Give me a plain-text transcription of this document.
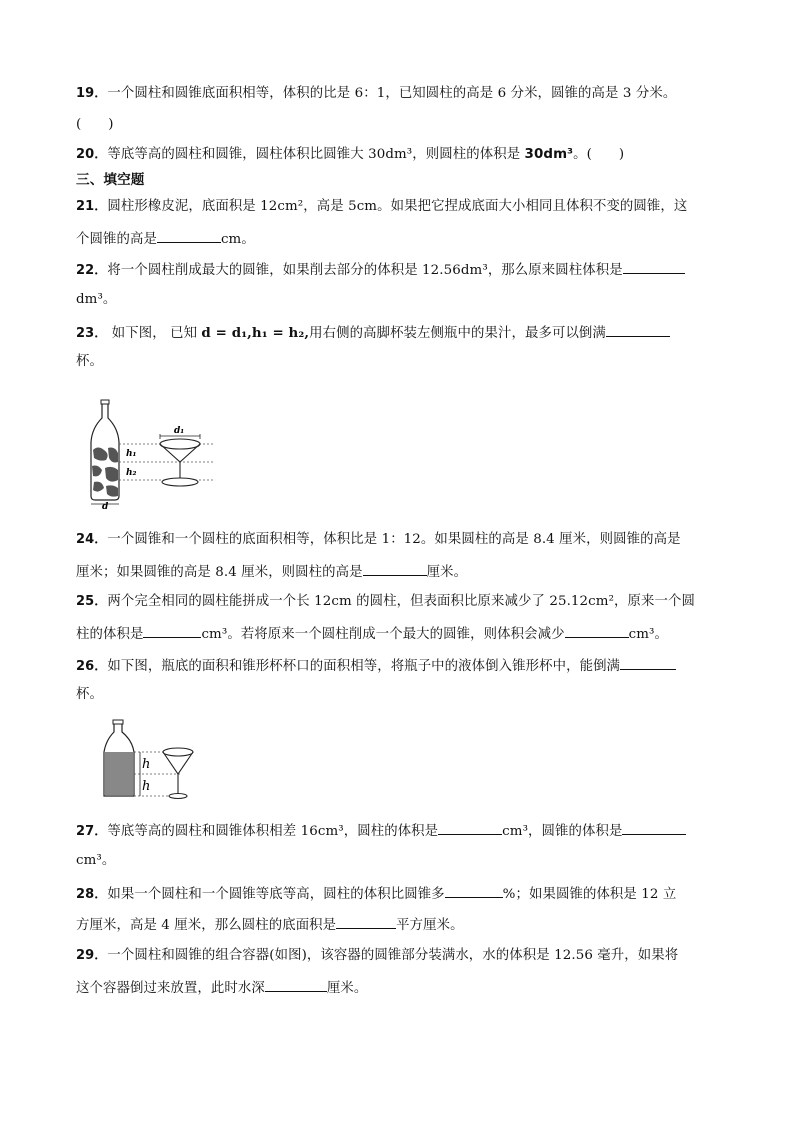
19．一个圆柱和圆锥底面积相等，体积的比是 6：1，已知圆柱的高是 6 分米，圆锥的高是 3 分米。
(　　)
20．等底等高的圆柱和圆锥，圆柱体积比圆锥大 30dm³，则圆柱的体积是 30dm³。(　　)
三、填空题
21．圆柱形橡皮泥，底面积是 12cm²，高是 5cm。如果把它捏成底面大小相同且体积不变的圆锥，这
个圆锥的高是	cm。
22．将一个圆柱削成最大的圆锥，如果削去部分的体积是 12.56dm³，那么原来圆柱体积是
dm³。
23． 如下图， 已知 d = d₁,h₁ = h₂,用右侧的高脚杯装左侧瓶中的果汁，最多可以倒满
杯。
d
h₁
h₂
d₁
24．一个圆锥和一个圆柱的底面积相等，体积比是 1：12。如果圆柱的高是 8.4 厘米，则圆锥的高是
厘米；如果圆锥的高是 8.4 厘米，则圆柱的高是	厘米。
25．两个完全相同的圆柱能拼成一个长 12cm 的圆柱，但表面积比原来减少了 25.12cm²，原来一个圆
柱的体积是	cm³。若将原来一个圆柱削成一个最大的圆锥，则体积会减少	cm³。
26．如下图，瓶底的面积和锥形杯杯口的面积相等，将瓶子中的液体倒入锥形杯中，能倒满
杯。
h
h
27．等底等高的圆柱和圆锥体积相差 16cm³，圆柱的体积是	cm³，圆锥的体积是
cm³。
28．如果一个圆柱和一个圆锥等底等高，圆柱的体积比圆锥多	%；如果圆锥的体积是 12 立
方厘米，高是 4 厘米，那么圆柱的底面积是	平方厘米。
29．一个圆柱和圆锥的组合容器(如图)，该容器的圆锥部分装满水，水的体积是 12.56 毫升，如果将
这个容器倒过来放置，此时水深	厘米。
